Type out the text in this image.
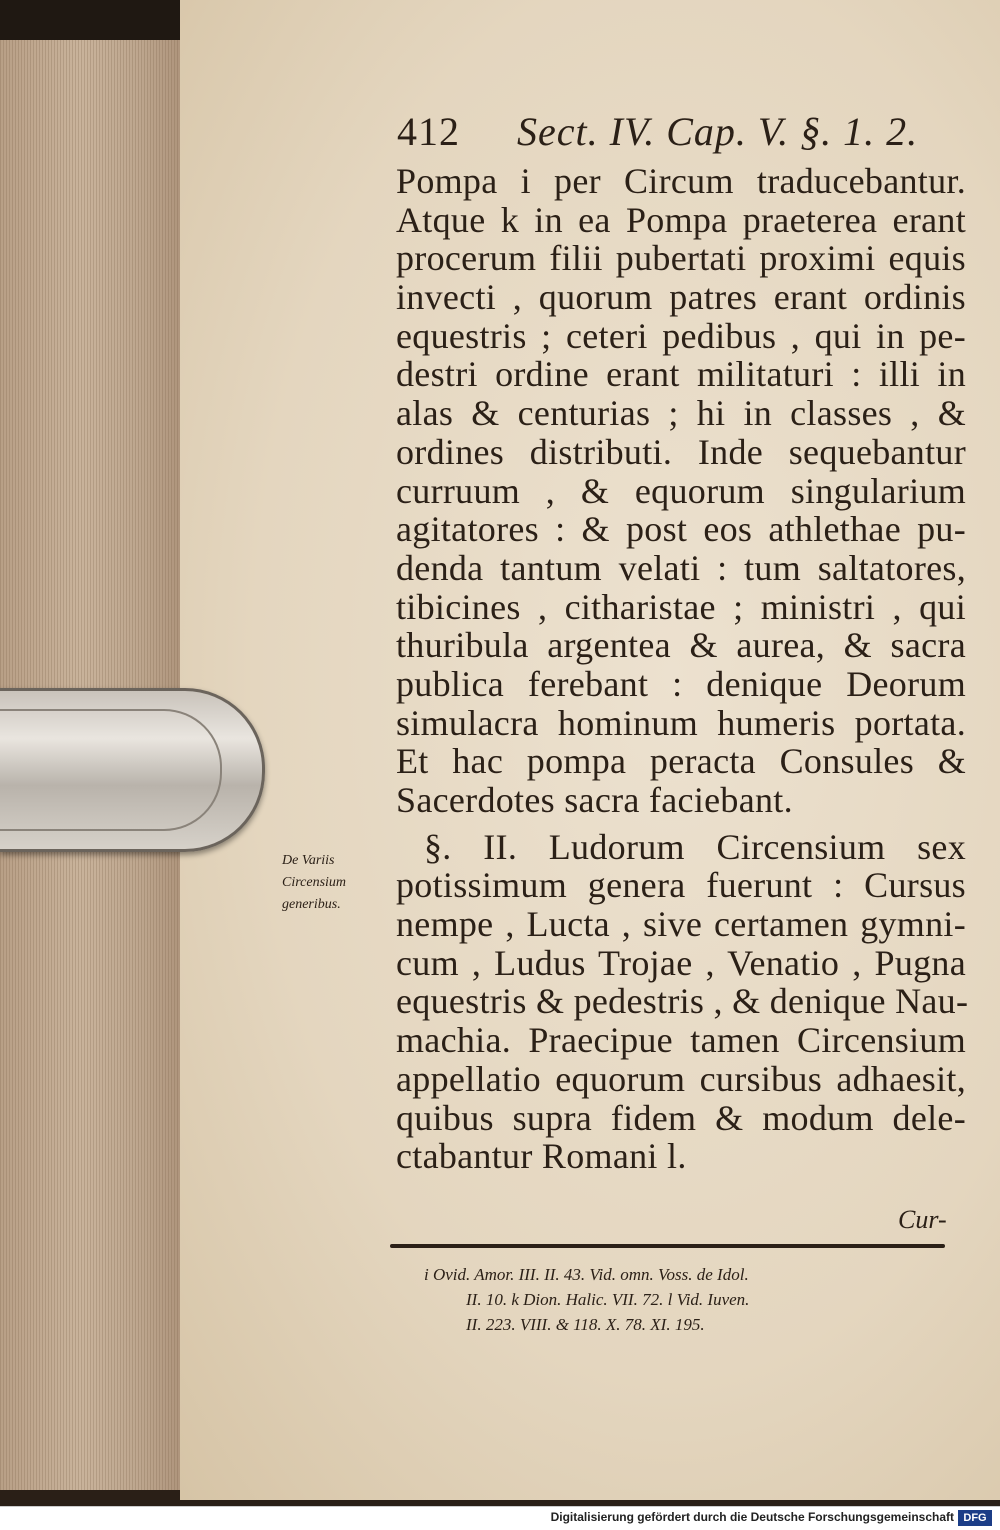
412 Sect. IV. Cap. V. §. 1. 2.
Pompa i per Circum traducebantur.
Atque k in ea Pompa praeterea erant
procerum filii pubertati proximi equis
invecti , quorum patres erant ordinis
equestris ; ceteri pedibus , qui in pe-
destri ordine erant militaturi : illi in
alas & centurias ; hi in classes , &
ordines distributi. Inde sequebantur
curruum , & equorum singularium
agitatores : & post eos athlethae pu-
denda tantum velati : tum saltatores,
tibicines , citharistae ; ministri , qui
thuribula argentea & aurea, & sacra
publica ferebant : denique Deorum
simulacra hominum humeris portata.
Et hac pompa peracta Consules &
Sacerdotes sacra faciebant.
§. II. Ludorum Circensium sex
potissimum genera fuerunt : Cursus
nempe , Lucta , sive certamen gymni-
cum , Ludus Trojae , Venatio , Pugna
equestris & pedestris , & denique Nau-
machia. Praecipue tamen Circensium
appellatio equorum cursibus adhaesit,
quibus supra fidem & modum dele-
ctabantur Romani l.
De Variis
Circensium
generibus.
Cur-
i Ovid. Amor. III. II. 43. Vid. omn. Voss. de Idol.
II. 10. k Dion. Halic. VII. 72. l Vid. Iuven.
II. 223. VIII. & 118. X. 78. XI. 195.
Digitalisierung gefördert durch die Deutsche Forschungsgemeinschaft DFG
